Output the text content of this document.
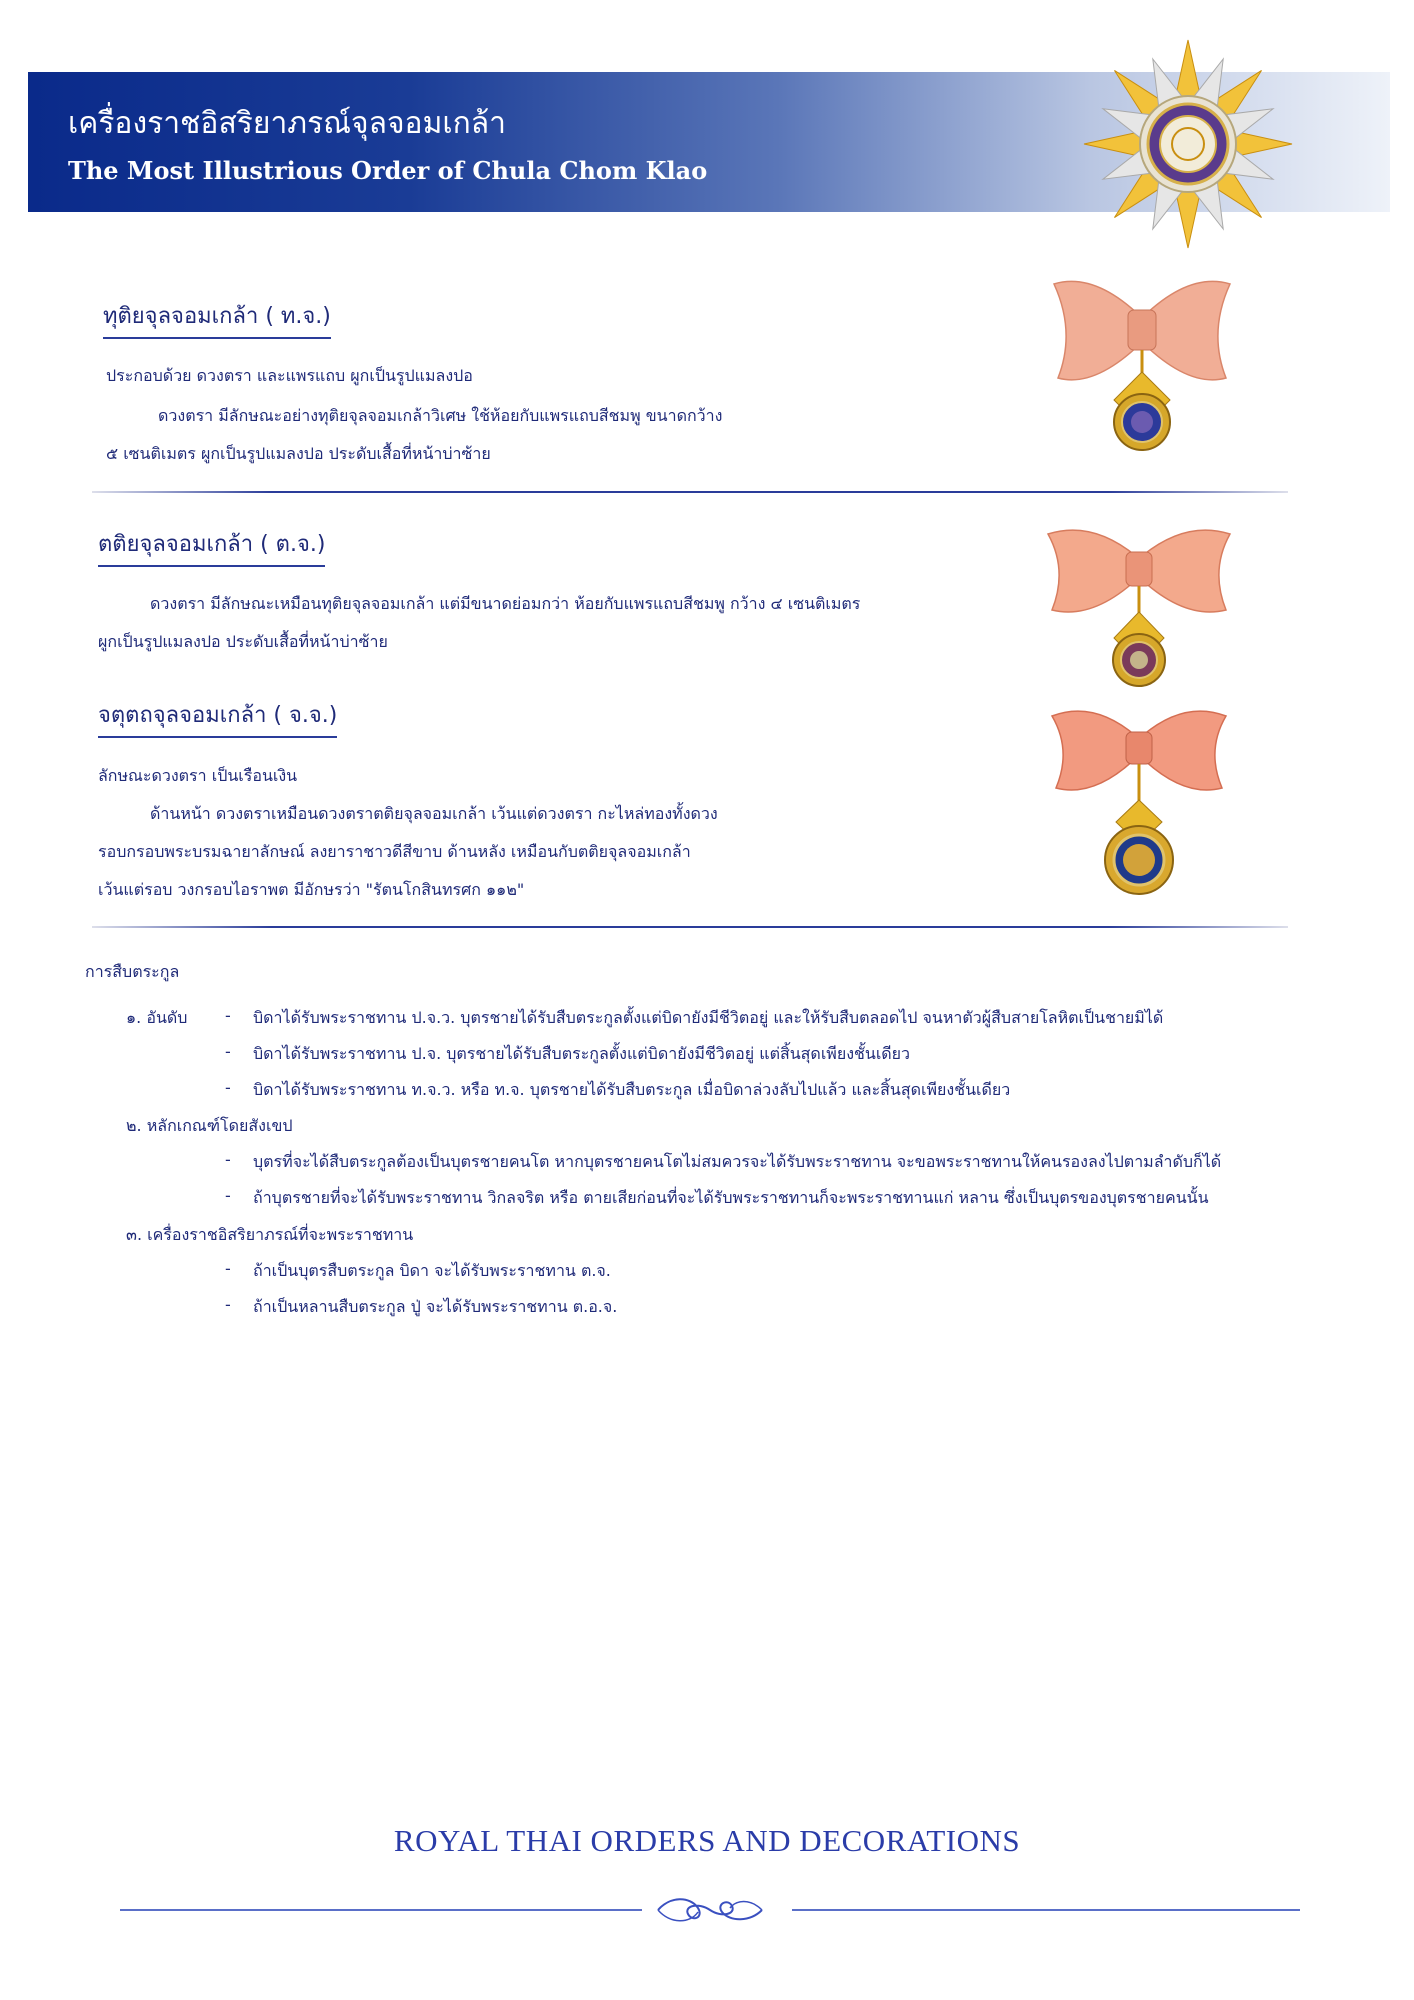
เครื่องราชอิสริยาภรณ์จุลจอมเกล้า
The Most Illustrious Order of Chula Chom Klao
ทุติยจุลจอมเกล้า ( ท.จ.)
ประกอบด้วย ดวงตรา และแพรแถบ ผูกเป็นรูปแมลงปอ
ดวงตรา มีลักษณะอย่างทุติยจุลจอมเกล้าวิเศษ ใช้ห้อยกับแพรแถบสีชมพู ขนาดกว้าง
๕ เซนติเมตร ผูกเป็นรูปแมลงปอ ประดับเสื้อที่หน้าบ่าซ้าย
ตติยจุลจอมเกล้า ( ต.จ.)
ดวงตรา มีลักษณะเหมือนทุติยจุลจอมเกล้า แต่มีขนาดย่อมกว่า ห้อยกับแพรแถบสีชมพู กว้าง ๔ เซนติเมตร
ผูกเป็นรูปแมลงปอ ประดับเสื้อที่หน้าบ่าซ้าย
จตุตถจุลจอมเกล้า ( จ.จ.)
ลักษณะดวงตรา เป็นเรือนเงิน
ด้านหน้า ดวงตราเหมือนดวงตราตติยจุลจอมเกล้า เว้นแต่ดวงตรา กะไหล่ทองทั้งดวง
รอบกรอบพระบรมฉายาลักษณ์ ลงยาราชาวดีสีขาบ ด้านหลัง เหมือนกับตติยจุลจอมเกล้า
เว้นแต่รอบ วงกรอบไอราพต มีอักษรว่า "รัตนโกสินทรศก ๑๑๒"
การสืบตระกูล
๑. อันดับ - บิดาได้รับพระราชทาน ป.จ.ว. บุตรชายได้รับสืบตระกูลตั้งแต่บิดายังมีชีวิตอยู่ และให้รับสืบตลอดไป จนหาตัวผู้สืบสายโลหิตเป็นชายมิได้
- บิดาได้รับพระราชทาน ป.จ. บุตรชายได้รับสืบตระกูลตั้งแต่บิดายังมีชีวิตอยู่ แต่สิ้นสุดเพียงชั้นเดียว
- บิดาได้รับพระราชทาน ท.จ.ว. หรือ ท.จ. บุตรชายได้รับสืบตระกูล เมื่อบิดาล่วงลับไปแล้ว และสิ้นสุดเพียงชั้นเดียว
๒. หลักเกณฑ์โดยสังเขป
- บุตรที่จะได้สืบตระกูลต้องเป็นบุตรชายคนโต หากบุตรชายคนโตไม่สมควรจะได้รับพระราชทาน จะขอพระราชทานให้คนรองลงไปตามลำดับก็ได้
- ถ้าบุตรชายที่จะได้รับพระราชทาน วิกลจริต หรือ ตายเสียก่อนที่จะได้รับพระราชทานก็จะพระราชทานแก่ หลาน ซึ่งเป็นบุตรของบุตรชายคนนั้น
๓. เครื่องราชอิสริยาภรณ์ที่จะพระราชทาน
- ถ้าเป็นบุตรสืบตระกูล บิดา จะได้รับพระราชทาน ต.จ.
- ถ้าเป็นหลานสืบตระกูล ปู่ จะได้รับพระราชทาน ต.อ.จ.
ROYAL THAI ORDERS AND DECORATIONS
